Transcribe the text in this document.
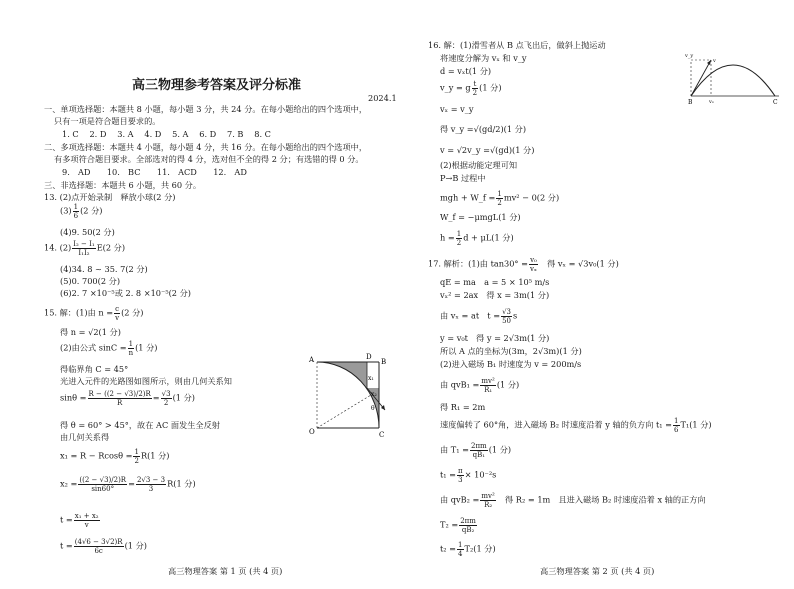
高三物理参考答案及评分标准
2024.1
一、单项选择题：本题共 8 小题，每小题 3 分，共 24 分。在每小题给出的四个选项中，
只有一项是符合题目要求的。
1. C　 2. D　 3. A　 4. D　 5. A　 6. D　 7. B　 8. C
二、多项选择题：本题共 4 小题，每小题 4 分，共 16 分。在每小题给出的四个选项中，
有多项符合题目要求。全部选对的得 4 分，选对但不全的得 2 分；有选错的得 0 分。
9.　AD　　10.　BC　　11.　ACD　　12.　AD
三、非选择题：本题共 6 小题，共 60 分。
13. (2)点开始录制　释放小球(2 分)
$(3) \frac{1}{6} (2$ 分)
(4)9. 50(2 分)
14. $(2) \frac{\text{I₂ − I₁}}{\text{I₁I₂}} E(2$ 分)
(4)34. 8 ~ 35. 7(2 分)
(5)0. 700(2 分)
(6)2. 7 ×10⁻⁵或 2. 8 ×10⁻⁵(2 分)
15. 解：(1)由 $n = \frac{c}{v} (2$ 分)
得 n = √2(1 分)
(2)由公式 $\sin C = \frac{1}{n} (1$ 分)
得临界角 C = 45°
光进入元件的光路图如图所示，则由几何关系知
$\sin\theta = \frac{R - ((2 - √3)/2)R}{R} = \frac{√3}{2} (1$ 分)
得 θ = 60° > 45°，故在 AC 面发生全反射
由几何关系得
$x_1 = R - Rcos\theta = \frac{1}{2} R(1$ 分)
$x_2 = \frac{((2 - √3)/2)R}{\sin 60^\circ} = \frac{2√3 - 3}{3} R(1$ 分)
$t = \frac{\text{x₁ + x₂}}{v}$
$t = \frac{(4√6 - 3√2)R}{6c} (1$ 分)
A	D
B
O	C
x₁
x₂
θ
高三物理答案 第 1 页 (共 4 页)
16. 解：(1)滑雪者从 B 点飞出后，做斜上抛运动
将速度分解为 vₓ 和 v_y
d = vₓt(1 分)
v_y = g $\frac{t}{2} (1$ 分)
vₓ = v_y
得 v_y =√(gd/2)(1 分)
v = √2v_y =√(gd)(1 分)
(2)根据动能定理可知
P→B 过程中
mgh + W_f = $\frac{1}{2} mv^2 - 0(2$ 分)
W_f = −μmgL(1 分)
$h = \frac{1}{2}$ d + μL(1 分)
v_y
v
B	vₓ	C
17. 解析：(1)由 $\tan 30^\circ = \frac{\text{v₀}}{\text{vₓ}}$ 　得 vₓ = √3v₀(1 分)
qE = ma　a = 5 × 10⁵ m/s
vₓ² = 2ax　得 x = 3m(1 分)
由 vₓ = at　$t = \frac{√3}{50}$ s
y = v₀t　得 y = 2√3m(1 分)
所以 A 点的坐标为(3m，2√3m)(1 分)
(2)进入磁场 B₁ 时速度为 v = 200m/s
由 $qvB_1 = \frac{\text{mv²}}{\text{R₁}} (1$ 分)
得 R₁ = 2m
速度偏转了 60°角，进入磁场 B₂ 时速度沿着 y 轴的负方向 $t_1 = \frac{1}{6} T_1(1$ 分)
由 $T_1 = \frac{2\pi m}{\text{qB₁}} (1$ 分)
$t_1 = \frac{\pi}{3} \times 10^{-2}s$
由 $qvB_2 = \frac{\text{mv²}}{\text{R₂}}$ 　得 R₂ = 1m　且进入磁场 B₂ 时速度沿着 x 轴的正方向
$T_2 = \frac{2\pi m}{\text{qB₂}}$
$t_2 = \frac{1}{4} T_2(1$ 分)
高三物理答案 第 2 页 (共 4 页)
